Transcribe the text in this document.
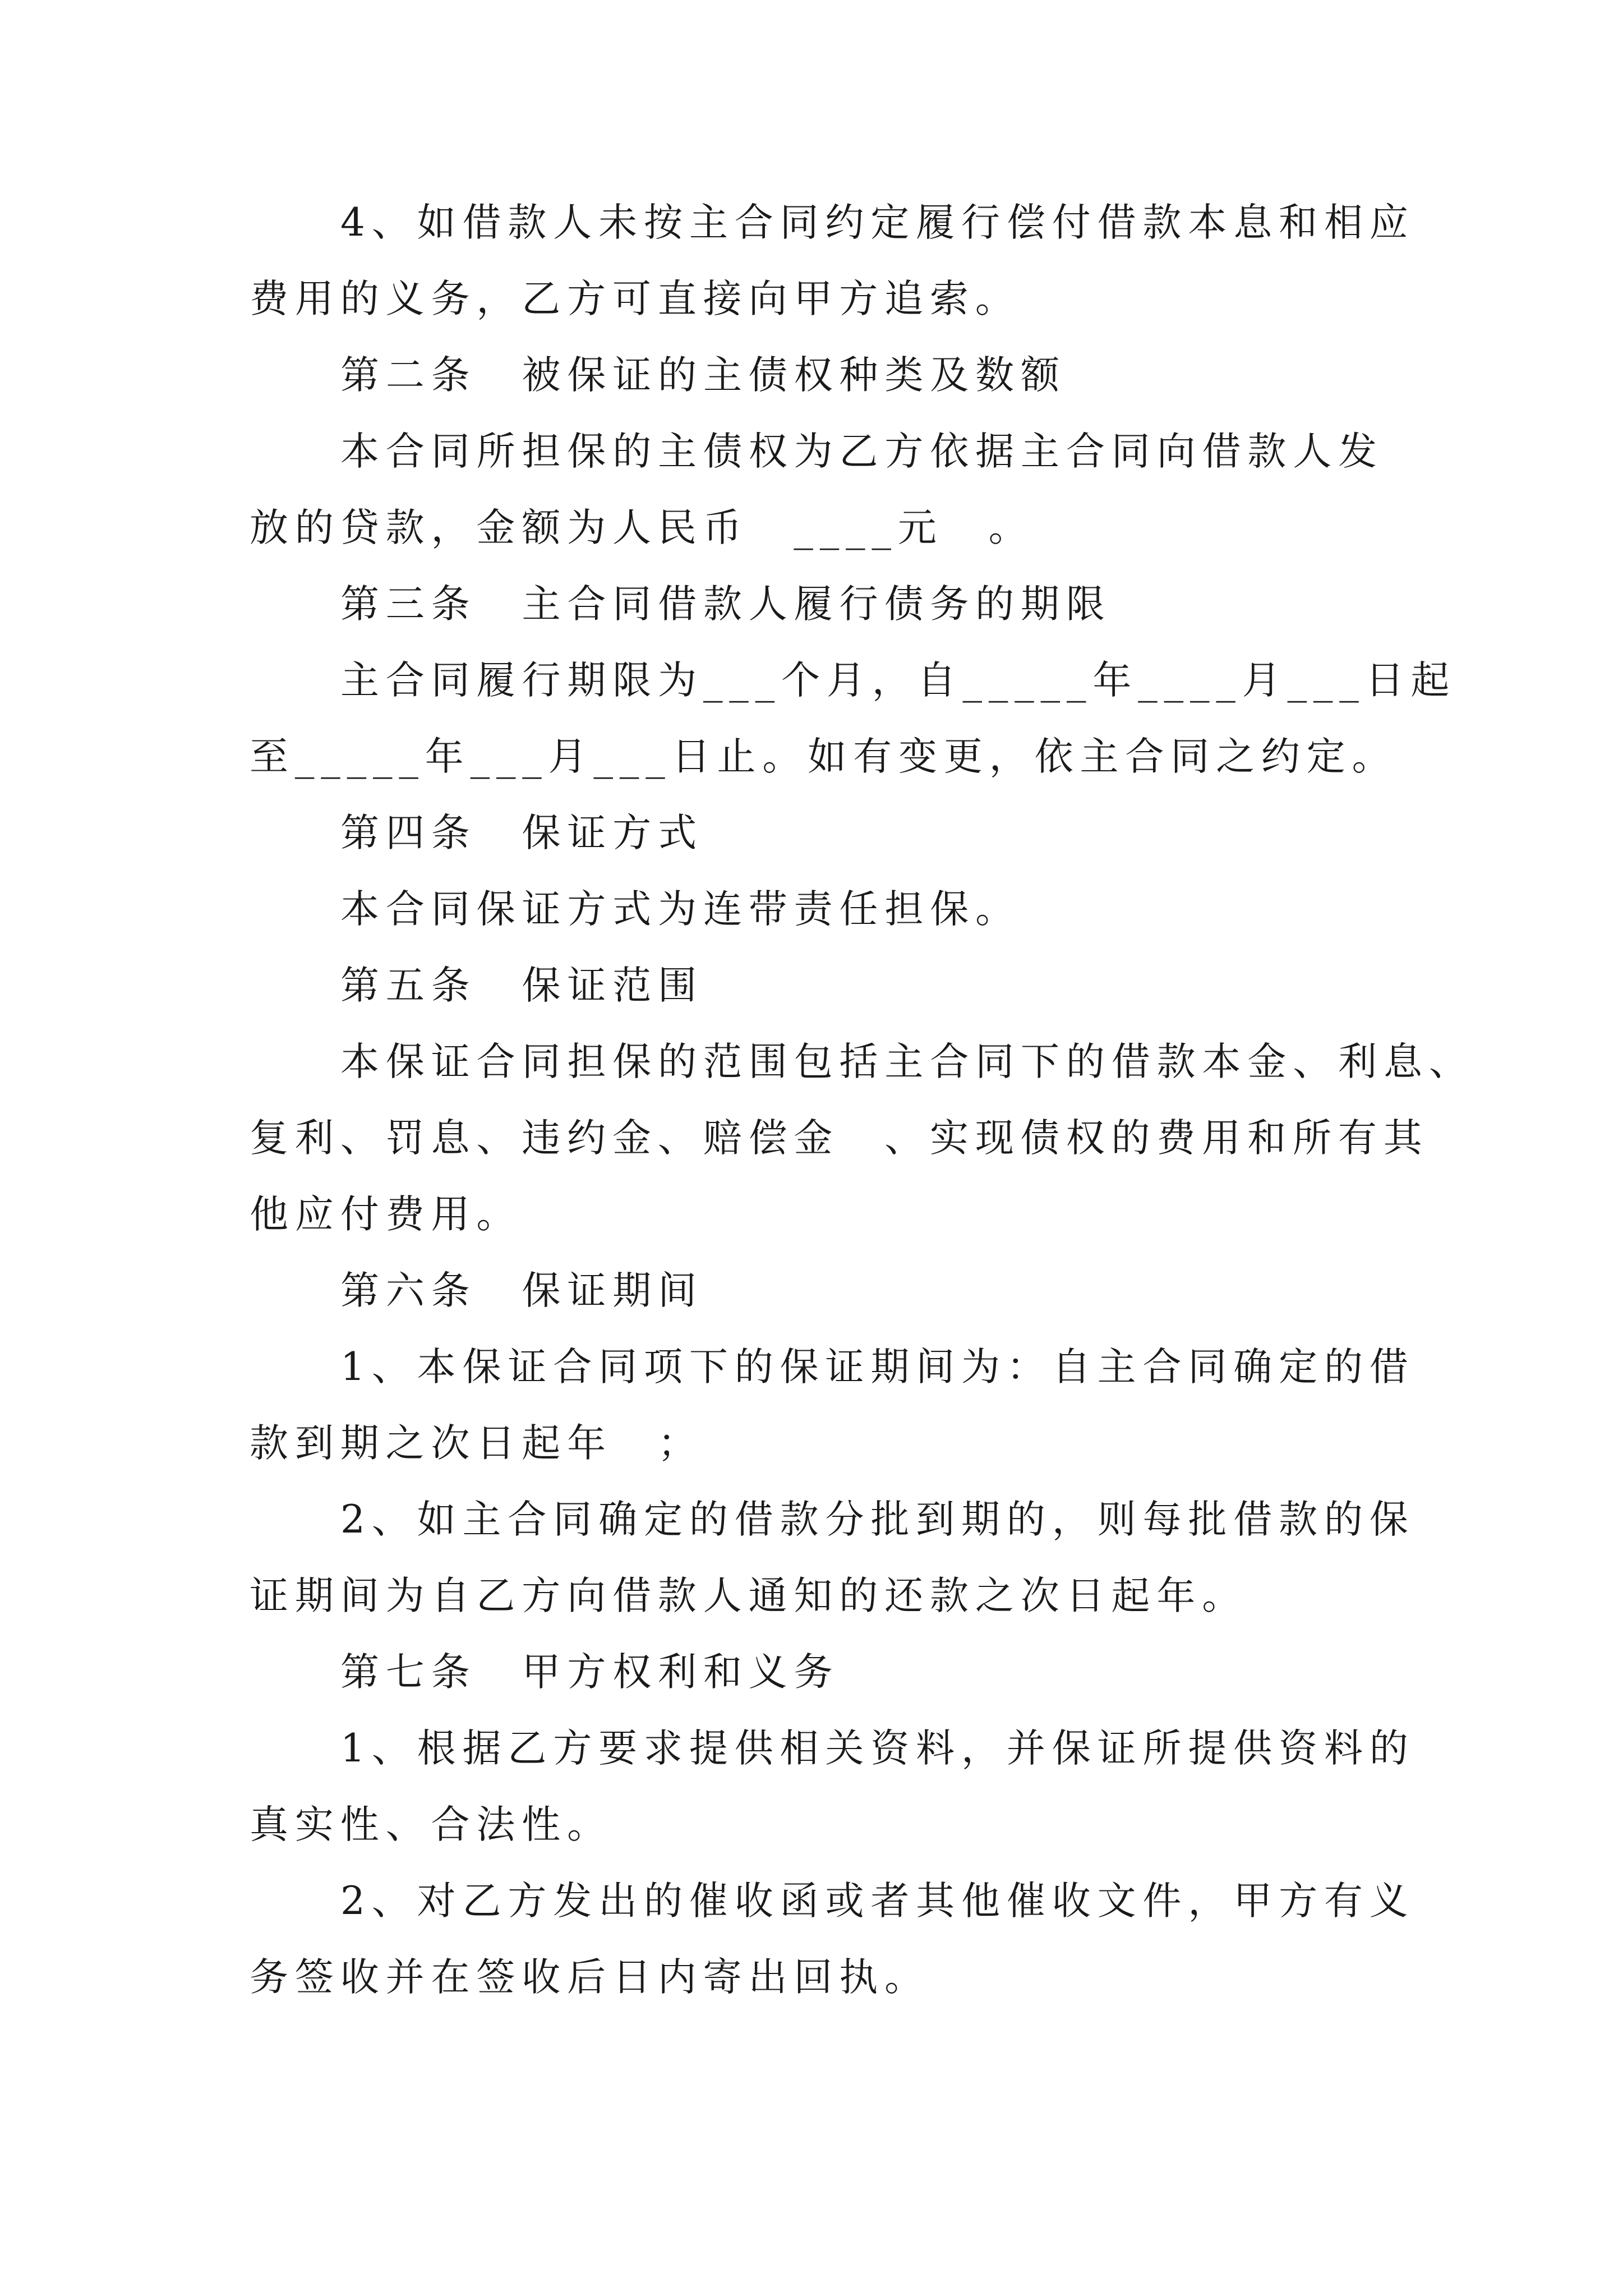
4、如借款人未按主合同约定履行偿付借款本息和相应
费用的义务，乙方可直接向甲方追索。
第二条　被保证的主债权种类及数额
本合同所担保的主债权为乙方依据主合同向借款人发
放的贷款，金额为人民币　____元　。
第三条　主合同借款人履行债务的期限
主合同履行期限为___个月，自_____年____月___日起
至_____年___月___日止。如有变更，依主合同之约定。
第四条　保证方式
本合同保证方式为连带责任担保。
第五条　保证范围
本保证合同担保的范围包括主合同下的借款本金、利息、
复利、罚息、违约金、赔偿金　、实现债权的费用和所有其
他应付费用。
第六条　保证期间
1、本保证合同项下的保证期间为：自主合同确定的借
款到期之次日起年　；
2、如主合同确定的借款分批到期的，则每批借款的保
证期间为自乙方向借款人通知的还款之次日起年。
第七条　甲方权利和义务
1、根据乙方要求提供相关资料，并保证所提供资料的
真实性、合法性。
2、对乙方发出的催收函或者其他催收文件，甲方有义
务签收并在签收后日内寄出回执。
